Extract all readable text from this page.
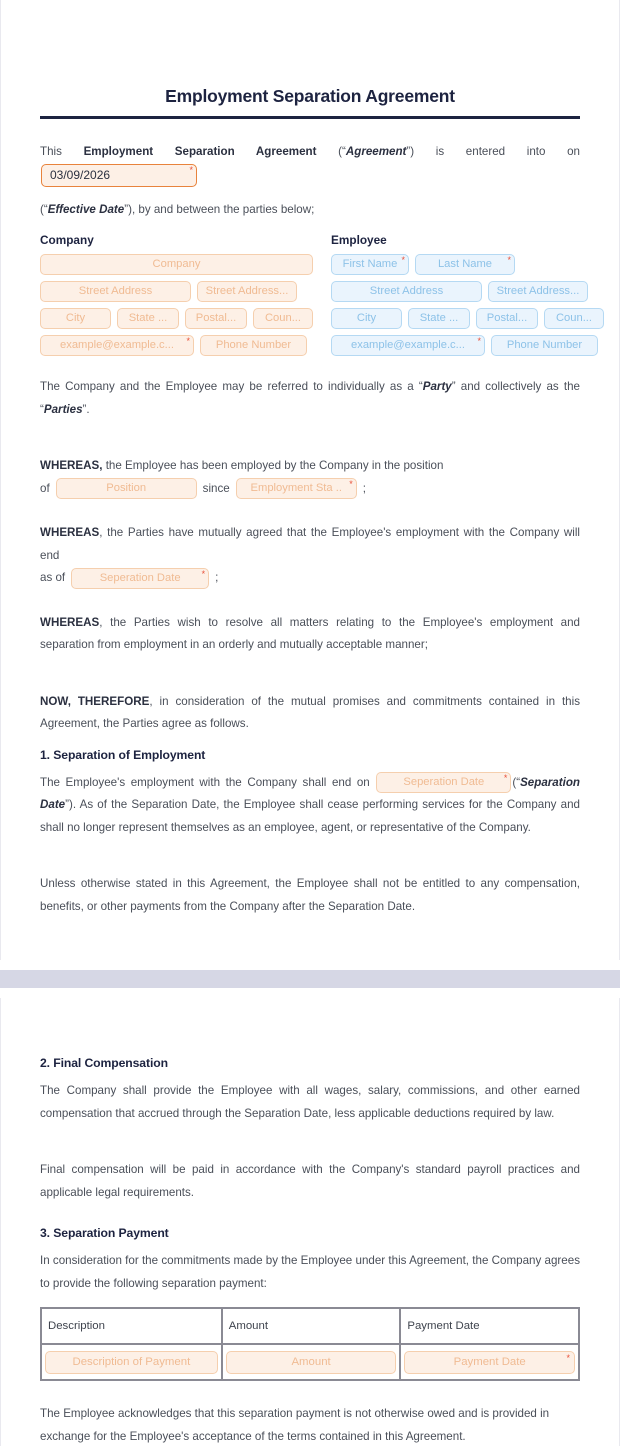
Employment Separation Agreement

This Employment Separation Agreement (“Agreement”) is entered into on 03/09/2026	*

(“Effective Date”), by and between the parties below;

Company
Company
Street Address	Street Address...
City	State ...	Postal...	Coun...
example@example.c... *	Phone Number
Employee
First Name *	Last Name *
Street Address	Street Address...
City	State ...	Postal...	Coun...
example@example.c... *	Phone Number

The Company and the Employee may be referred to individually as a “Party” and collectively as the “Parties”.

WHEREAS, the Employee has been employed by the Company in the position

of	Position	since	Employment Sta .. * ;

WHEREAS, the Parties have mutually agreed that the Employee's employment with the Company will end

as of	Seperation Date * ;

WHEREAS, the Parties wish to resolve all matters relating to the Employee's employment and separation from employment in an orderly and mutually acceptable manner;

NOW, THEREFORE, in consideration of the mutual promises and commitments contained in this Agreement, the Parties agree as follows.

1. Separation of Employment

The Employee's employment with the Company shall end on	Seperation Date * (“Separation Date”). As of the Separation Date, the Employee shall cease performing services for the Company and shall no longer represent themselves as an employee, agent, or representative of the Company.

Unless otherwise stated in this Agreement, the Employee shall not be entitled to any compensation, benefits, or other payments from the Company after the Separation Date.

2. Final Compensation

The Company shall provide the Employee with all wages, salary, commissions, and other earned compensation that accrued through the Separation Date, less applicable deductions required by law.

Final compensation will be paid in accordance with the Company's standard payroll practices and applicable legal requirements.

3. Separation Payment

In consideration for the commitments made by the Employee under this Agreement, the Company agrees to provide the following separation payment:

Description	Amount	Payment Date

Description of Payment	Amount	Payment Date *

The Employee acknowledges that this separation payment is not otherwise owed and is provided in

exchange for the Employee's acceptance of the terms contained in this Agreement.
